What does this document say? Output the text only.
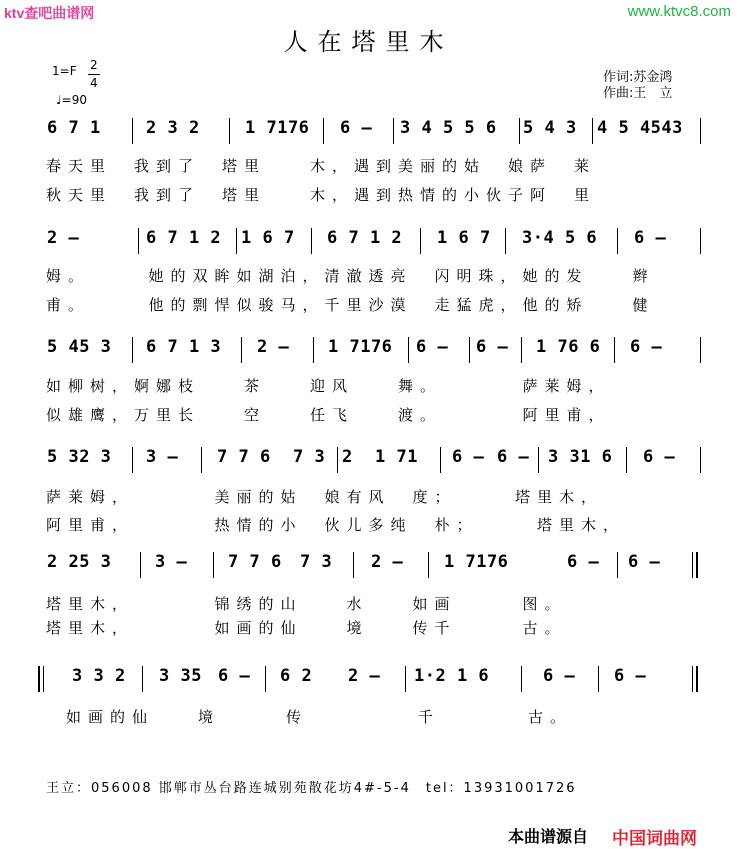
ktv查吧曲谱网	www.ktvc8.com
人在塔里木
1=F 2
4
♩=90
作词:苏金鸿
作曲:王　立
6 7 1	2 3 2	1 7176 6 – 3 4 5 5 6 5 4 3 4 5 4543
春天里　我到了　塔里　　木，遇到美丽的姑　娘萨　莱
秋天里　我到了　塔里　　木，遇到热情的小伙子阿　里
2 –	6 7 1 2 1 6 7 6 7 1 2 1 6 7 3·4 5 6 6 –
姆。　　　她的双眸如湖泊，清澈透亮　闪明珠，她的发　　辫
甫。　　　他的剽悍似骏马，千里沙漠　走猛虎，他的矫　　健
5 45 3 6 7 1 3 2 – 1 7176 6 – 6 – 1 76 6 6 –
如柳树，婀娜枝　　茶　　迎风　　舞。　　　　萨莱姆，
似雄鹰，万里长　　空　　任飞　　渡。　　　　阿里甫，
5 32 3 3 – 7 7 6 7 3 2 1 71 6 – 6 – 3 31 6 6 –
萨莱姆，　　　　美丽的姑　娘有风　度；　　　塔里木，
阿里甫，　　　　热情的小　伙儿多纯　朴；　　　塔里木，
2 25 3	3 – 7 7 6 7 3 2 – 1 7176	6 – 6 –
塔里木，　　　　锦绣的山　　水　　如画　　　图。
塔里木，　　　　如画的仙　　境　　传千　　　古。
3 3 2 3 35 6 – 6 2 2 – 1·2 1 6	6 – 6 –
如画的仙　　境　　　传　　　　　千　　　　古。
王立：056008 邯郸市丛台路连城别苑散花坊4#-5-4　tel：13931001726
本曲谱源自 中国词曲网
